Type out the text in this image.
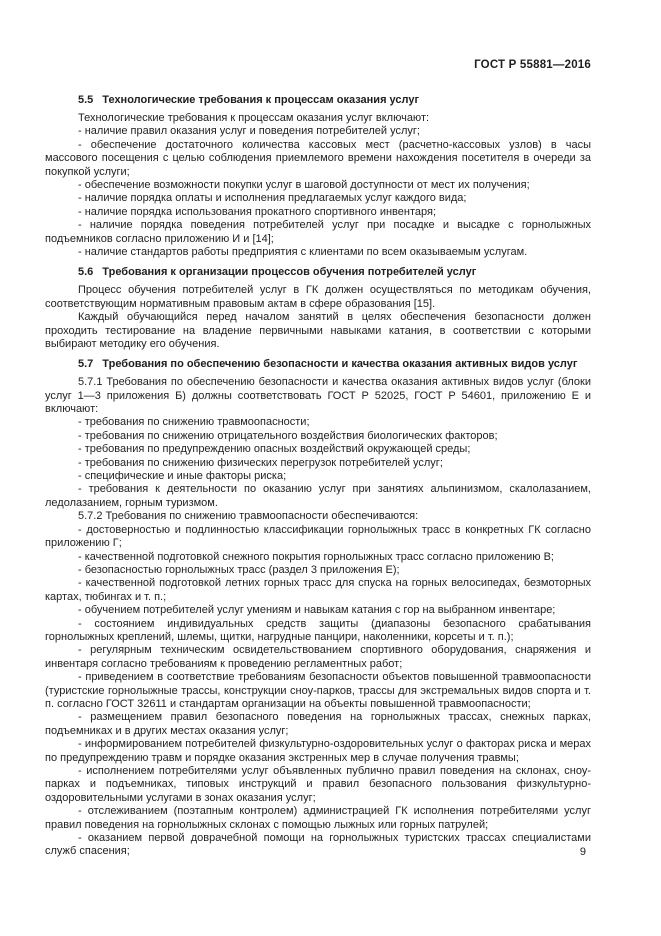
ГОСТ Р 55881—2016
5.5 Технологические требования к процессам оказания услуг

Технологические требования к процессам оказания услуг включают:

- наличие правил оказания услуг и поведения потребителей услуг;

- обеспечение достаточного количества кассовых мест (расчетно-кассовых узлов) в часы массового посещения с целью соблюдения приемлемого времени нахождения посетителя в очереди за покупкой услуги;

- обеспечение возможности покупки услуг в шаговой доступности от мест их получения;

- наличие порядка оплаты и исполнения предлагаемых услуг каждого вида;

- наличие порядка использования прокатного спортивного инвентаря;

- наличие порядка поведения потребителей услуг при посадке и высадке с горнолыжных подъемников согласно приложению И и [14];

- наличие стандартов работы предприятия с клиентами по всем оказываемым услугам.

5.6 Требования к организации процессов обучения потребителей услуг

Процесс обучения потребителей услуг в ГК должен осуществляться по методикам обучения, соответствующим нормативным правовым актам в сфере образования [15].

Каждый обучающийся перед началом занятий в целях обеспечения безопасности должен проходить тестирование на владение первичными навыками катания, в соответствии с которыми выбирают методику его обучения.

5.7 Требования по обеспечению безопасности и качества оказания активных видов услуг

5.7.1 Требования по обеспечению безопасности и качества оказания активных видов услуг (блоки услуг 1—3 приложения Б) должны соответствовать ГОСТ Р 52025, ГОСТ Р 54601, приложению Е и включают:

- требования по снижению травмоопасности;

- требования по снижению отрицательного воздействия биологических факторов;

- требования по предупреждению опасных воздействий окружающей среды;

- требования по снижению физических перегрузок потребителей услуг;

- специфические и иные факторы риска;

- требования к деятельности по оказанию услуг при занятиях альпинизмом, скалолазанием, ледолазанием, горным туризмом.

5.7.2 Требования по снижению травмоопасности обеспечиваются:

- достоверностью и подлинностью классификации горнолыжных трасс в конкретных ГК согласно приложению Г;

- качественной подготовкой снежного покрытия горнолыжных трасс согласно приложению В;

- безопасностью горнолыжных трасс (раздел 3 приложения Е);

- качественной подготовкой летних горных трасс для спуска на горных велосипедах, безмоторных картах, тюбингах и т. п.;

- обучением потребителей услуг умениям и навыкам катания с гор на выбранном инвентаре;

- состоянием индивидуальных средств защиты (диапазоны безопасного срабатывания горнолыжных креплений, шлемы, щитки, нагрудные панцири, наколенники, корсеты и т. п.);

- регулярным техническим освидетельствованием спортивного оборудования, снаряжения и инвентаря согласно требованиям к проведению регламентных работ;

- приведением в соответствие требованиям безопасности объектов повышенной травмоопасности (туристские горнолыжные трассы, конструкции сноу-парков, трассы для экстремальных видов спорта и т. п. согласно ГОСТ 32611 и стандартам организации на объекты повышенной травмоопасности;

- размещением правил безопасного поведения на горнолыжных трассах, снежных парках, подъемниках и в других местах оказания услуг;

- информированием потребителей физкультурно-оздоровительных услуг о факторах риска и мерах по предупреждению травм и порядке оказания экстренных мер в случае получения травмы;

- исполнением потребителями услуг объявленных публично правил поведения на склонах, сноу-парках и подъемниках, типовых инструкций и правил безопасного пользования физкультурно-оздоровительными услугами в зонах оказания услуг;

- отслеживанием (поэтапным контролем) администрацией ГК исполнения потребителями услуг правил поведения на горнолыжных склонах с помощью лыжных или горных патрулей;

- оказанием первой доврачебной помощи на горнолыжных туристских трассах специалистами служб спасения;	9
